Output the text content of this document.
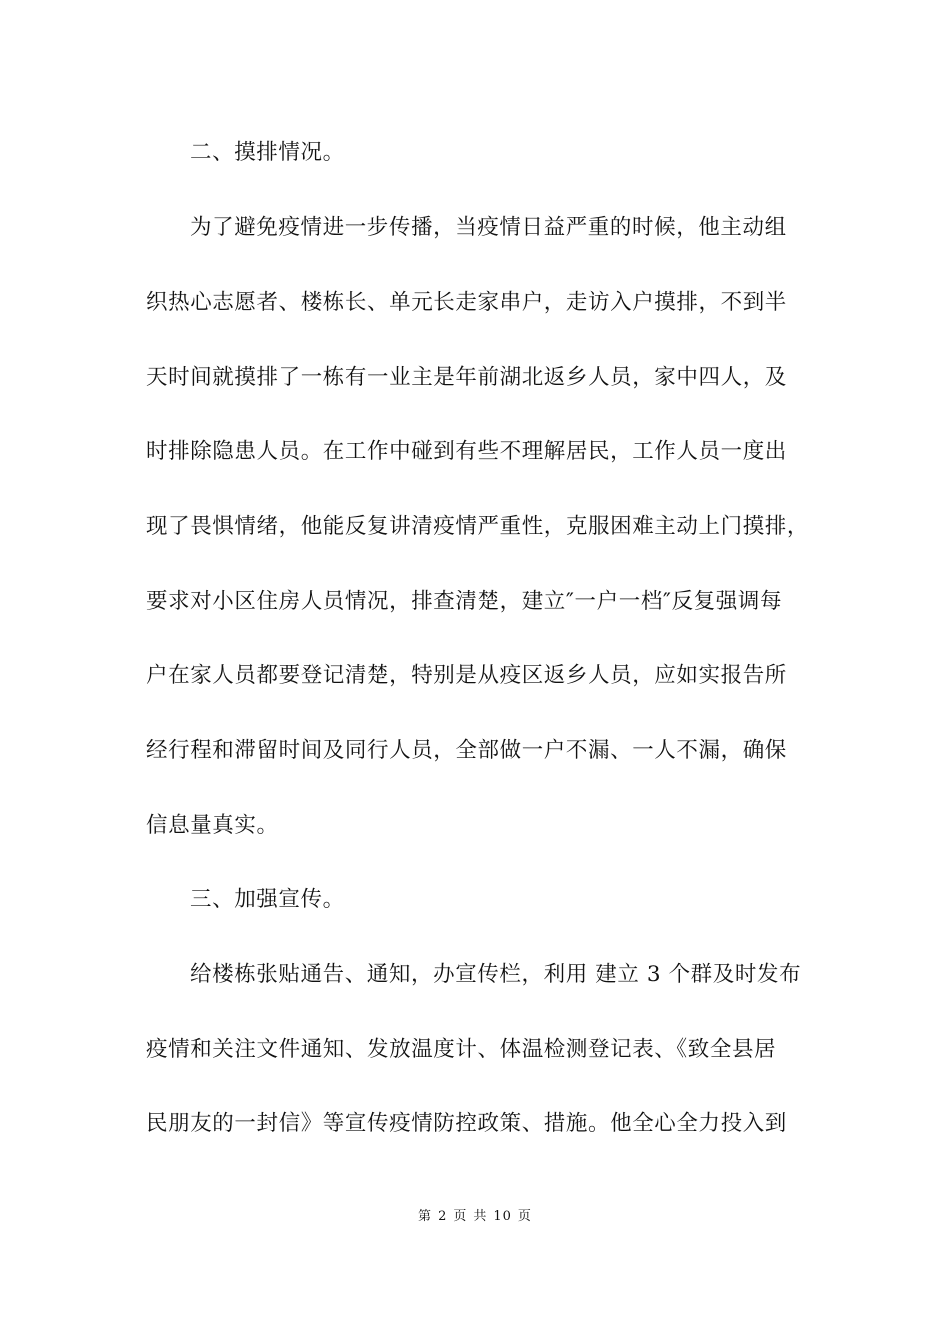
二、摸排情况。
为了避免疫情进一步传播，当疫情日益严重的时候，他主动组
织热心志愿者、楼栋长、单元长走家串户，走访入户摸排，不到半
天时间就摸排了一栋有一业主是年前湖北返乡人员，家中四人，及
时排除隐患人员。在工作中碰到有些不理解居民，工作人员一度出
现了畏惧情绪，他能反复讲清疫情严重性，克服困难主动上门摸排，
要求对小区住房人员情况，排查清楚，建立″一户一档″反复强调每
户在家人员都要登记清楚，特别是从疫区返乡人员，应如实报告所
经行程和滞留时间及同行人员，全部做一户不漏、一人不漏，确保
信息量真实。
三、加强宣传。
给楼栋张贴通告、通知，办宣传栏，利用 建立 3 个群及时发布
疫情和关注文件通知、发放温度计、体温检测登记表、《致全县居
民朋友的一封信》等宣传疫情防控政策、措施。他全心全力投入到
第 2 页 共 10 页
